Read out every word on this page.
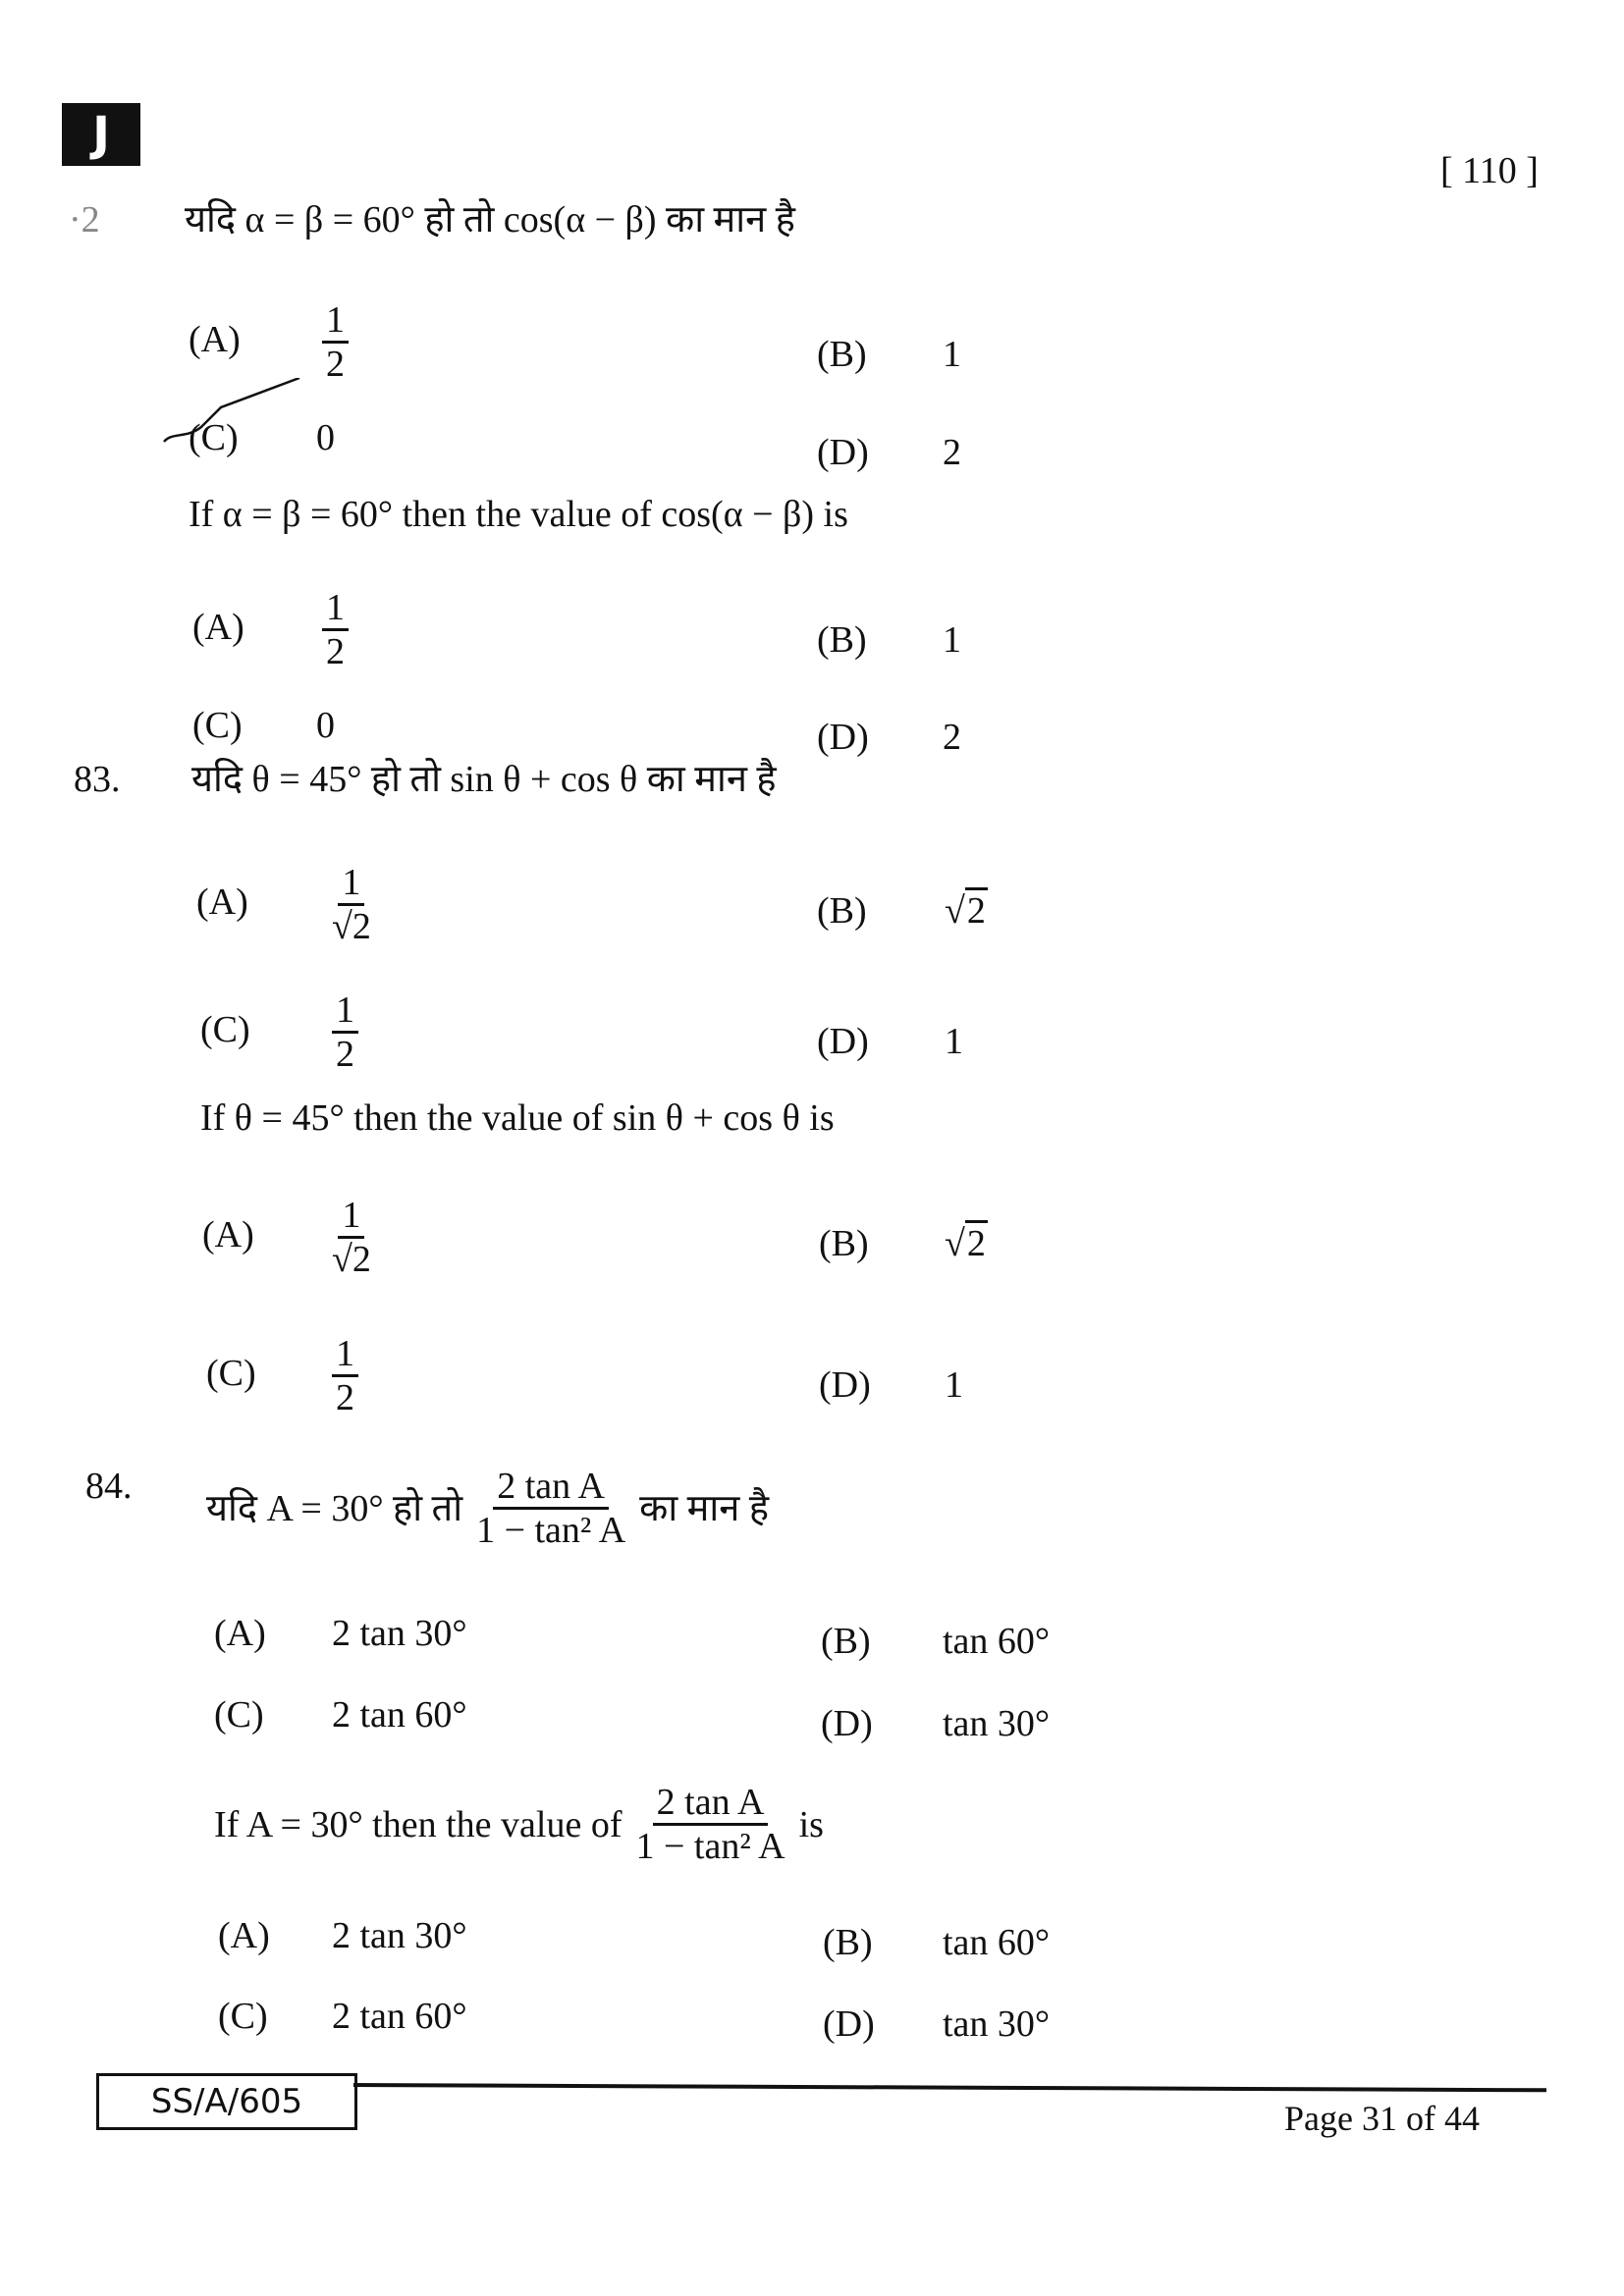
J
[ 110 ]
·2 यदि α = β = 60° हो तो cos(α − β) का मान है
$(A) \frac{1}{2}$	(B) 1
(C) 0	(D) 2
If α = β = 60° then the value of cos(α − β) is
$(A) \frac{1}{2}$	(B) 1
(C) 0	(D) 2
83. यदि θ = 45° हो तो sin θ + cos θ का मान है
$(A) \frac{1}{√2}$	(B) √2
$(C) \frac{1}{2}$	(D) 1
If θ = 45° then the value of sin θ + cos θ is
$(A) \frac{1}{√2}$	(B) √2
$(C) \frac{1}{2}$	(D) 1
84.
यदि A = 30° हो तो $\frac{\text{2 tan A}}{\text{1 − tan² A}}$ का मान है
(A) 2 tan 30°	(B) tan 60°
(C) 2 tan 60°	(D) tan 30°
If A = 30° then the value of $\frac{\text{2 tan A}}{\text{1 − tan² A}}$ is
(A) 2 tan 30°	(B) tan 60°
(C) 2 tan 60°	(D) tan 30°
SS/A/605	Page 31 of 44
